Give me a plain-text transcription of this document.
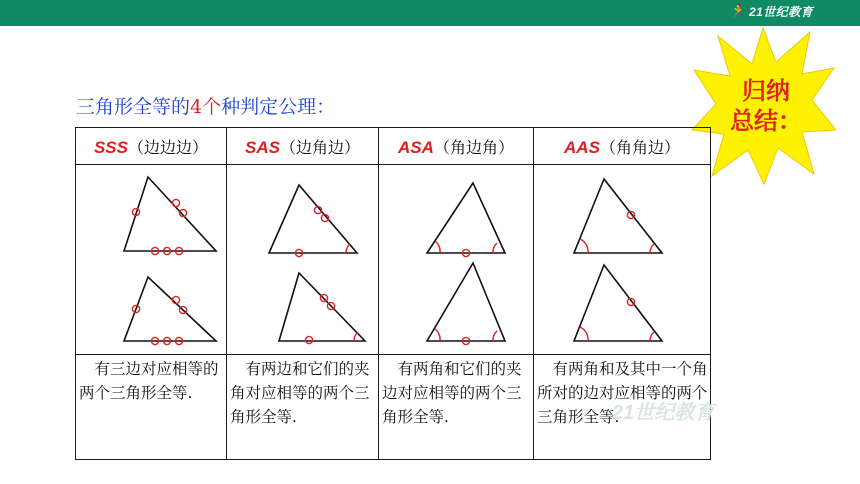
🏃 21世纪教育
三角形全等的4个种判定公理：
归纳
总结：
SSS（边边边）	SAS（边角边）	ASA（角边角）	AAS（角角边）

　有三边对应相等的两个三角形全等.	　有两边和它们的夹角对应相等的两个三角形全等.	　有两角和它们的夹边对应相等的两个三角形全等.	　有两角和及其中一个角所对的边对应相等的两个三角形全等.
21世纪教育
